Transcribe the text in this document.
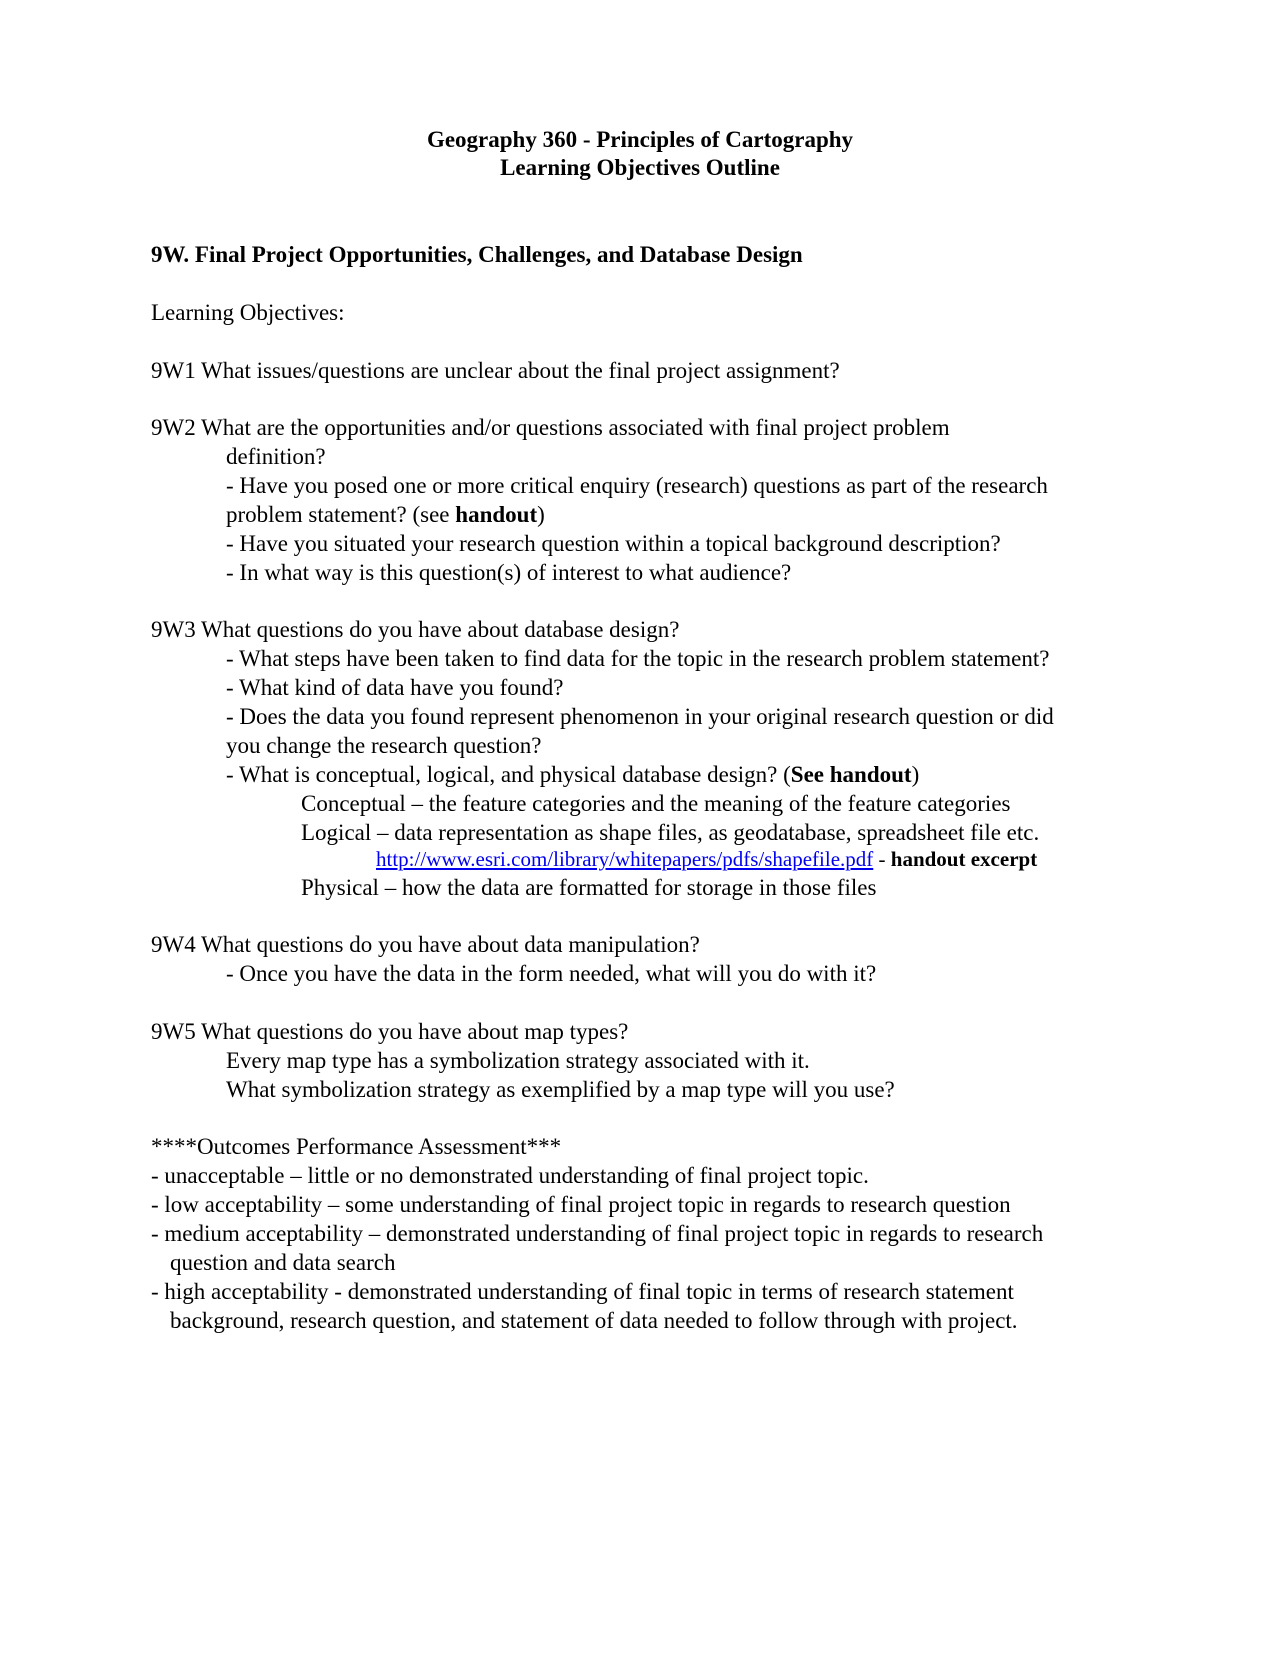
Geography 360 - Principles of Cartography
Learning Objectives Outline
9W. Final Project Opportunities, Challenges, and Database Design
Learning Objectives:
9W1 What issues/questions are unclear about the final project assignment?
9W2 What are the opportunities and/or questions associated with final project problem
definition?
- Have you posed one or more critical enquiry (research) questions as part of the research
problem statement? (see handout)
- Have you situated your research question within a topical background description?
- In what way is this question(s) of interest to what audience?
9W3 What questions do you have about database design?
- What steps have been taken to find data for the topic in the research problem statement?
- What kind of data have you found?
- Does the data you found represent phenomenon in your original research question or did
you change the research question?
- What is conceptual, logical, and physical database design? (See handout)
Conceptual – the feature categories and the meaning of the feature categories
Logical – data representation as shape files, as geodatabase, spreadsheet file etc.
http://www.esri.com/library/whitepapers/pdfs/shapefile.pdf - handout excerpt
Physical – how the data are formatted for storage in those files
9W4 What questions do you have about data manipulation?
- Once you have the data in the form needed, what will you do with it?
9W5 What questions do you have about map types?
Every map type has a symbolization strategy associated with it.
What symbolization strategy as exemplified by a map type will you use?
****Outcomes Performance Assessment***
- unacceptable – little or no demonstrated understanding of final project topic.
- low acceptability – some understanding of final project topic in regards to research question
- medium acceptability – demonstrated understanding of final project topic in regards to research
question and data search
- high acceptability - demonstrated understanding of final topic in terms of research statement
background, research question, and statement of data needed to follow through with project.
